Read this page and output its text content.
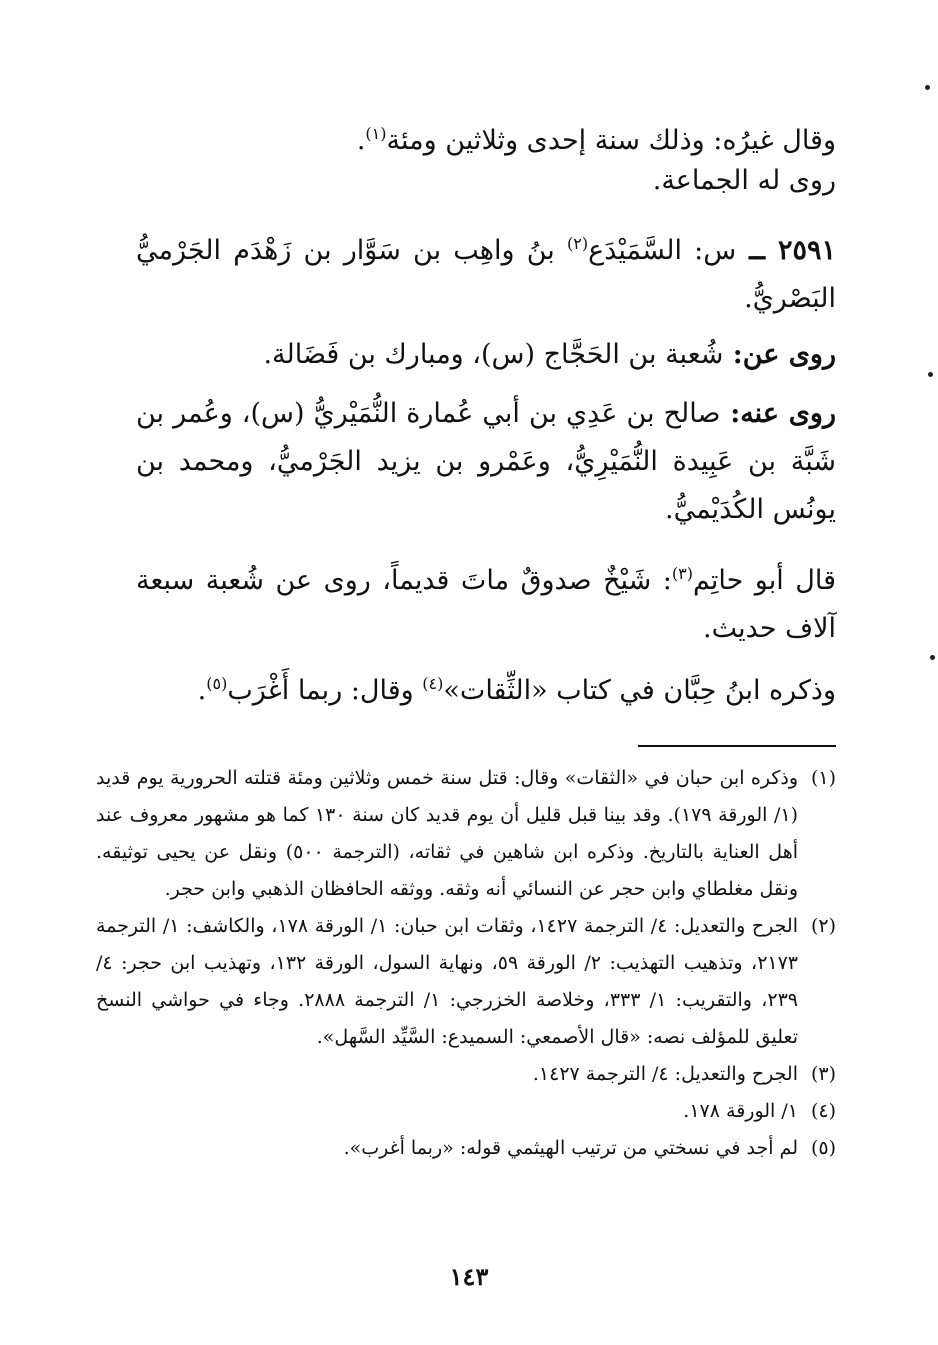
وقال غيرُه: وذلك سنة إحدى وثلاثين ومئة$^{(١)}$.

روى له الجماعة.

٢٥٩١ ــ س: السَّمَيْدَع$^{(٢)}$ بنُ واهِب بن سَوَّار بن زَهْدَم الجَرْميُّ البَصْريُّ.

روى عن: شُعبة بن الحَجَّاج (س)، ومبارك بن فَضَالة.

روى عنه: صالح بن عَدِي بن أبي عُمارة النُّمَيْريُّ (س)، وعُمر بن شَبَّة بن عَبِيدة النُّمَيْرِيُّ، وعَمْرو بن يزيد الجَرْميُّ، ومحمد بن يونُس الكُدَيْميُّ.

قال أبو حاتِم$^{(٣)}$: شَيْخٌ صدوقٌ ماتَ قديماً، روى عن شُعبة سبعة آلاف حديث.

وذكره ابنُ حِبَّان في كتاب «الثِّقات»$^{(٤)}$ وقال: ربما أَغْرَب$^{(٥)}$.

(١)
وذكره ابن حبان في «الثقات» وقال: قتل سنة خمس وثلاثين ومئة قتلته الحرورية يوم قديد (١/ الورقة ١٧٩). وقد بينا قبل قليل أن يوم قديد كان سنة ١٣٠ كما هو مشهور معروف عند أهل العناية بالتاريخ. وذكره ابن شاهين في ثقاته، (الترجمة ٥٠٠) ونقل عن يحيى توثيقه. ونقل مغلطاي وابن حجر عن النسائي أنه وثقه. ووثقه الحافظان الذهبي وابن حجر.
(٢)
الجرح والتعديل: ٤/ الترجمة ١٤٢٧، وثقات ابن حبان: ١/ الورقة ١٧٨، والكاشف: ١/ الترجمة ٢١٧٣، وتذهيب التهذيب: ٢/ الورقة ٥٩، ونهاية السول، الورقة ١٣٢، وتهذيب ابن حجر: ٤/ ٢٣٩، والتقريب: ١/ ٣٣٣، وخلاصة الخزرجي: ١/ الترجمة ٢٨٨٨. وجاء في حواشي النسخ تعليق للمؤلف نصه: «قال الأصمعي: السميدع: السَّيِّد السَّهل».
(٣)
الجرح والتعديل: ٤/ الترجمة ١٤٢٧.
(٤)
١/ الورقة ١٧٨.
(٥)
لم أجد في نسختي من ترتيب الهيثمي قوله: «ربما أغرب».
١٤٣
